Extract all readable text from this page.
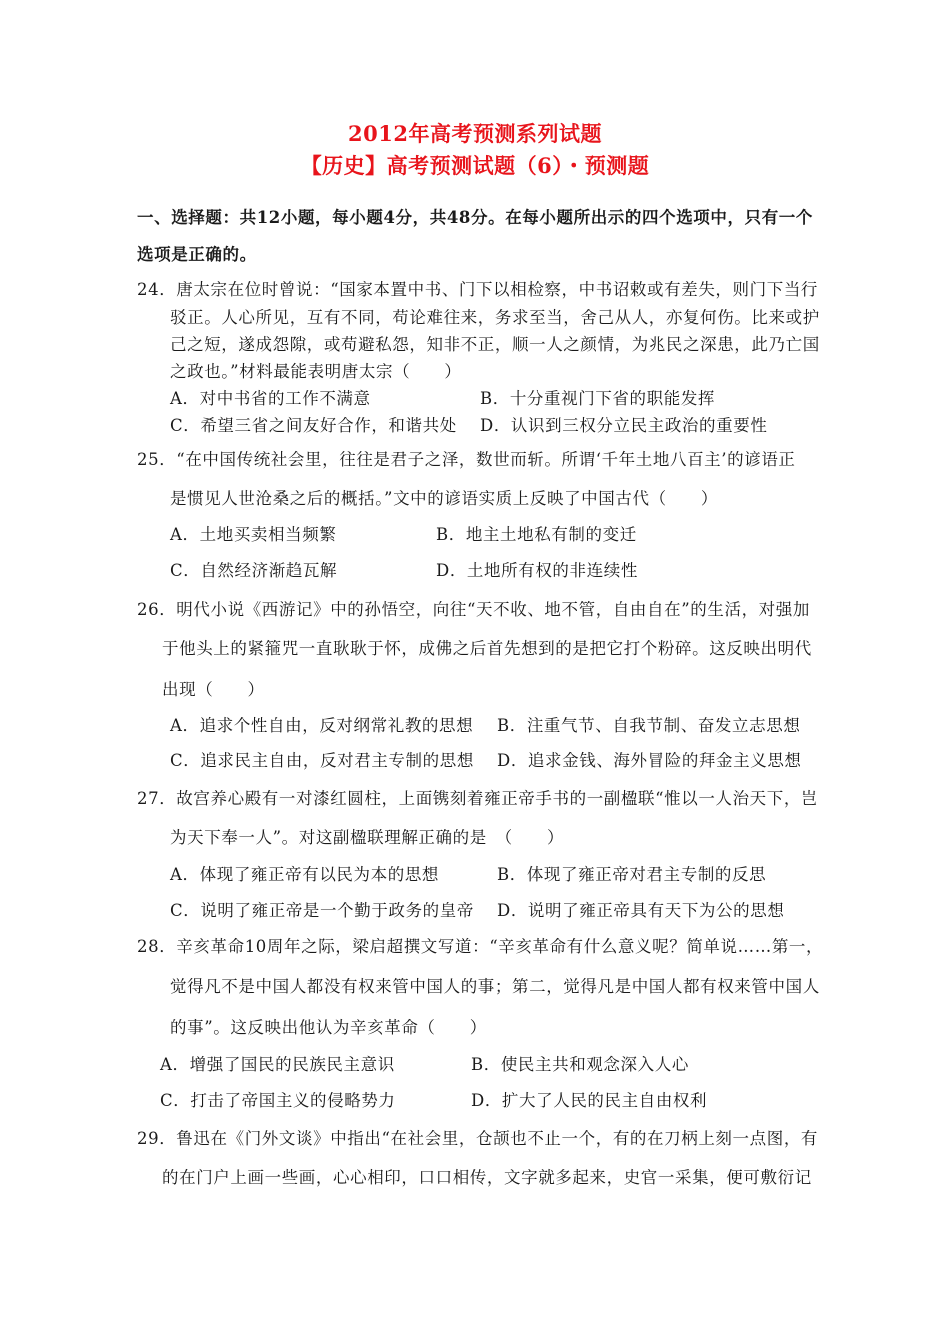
2012年高考预测系列试题
【历史】高考预测试题（6）・预测题
一、选择题：共12小题，每小题4分，共48分。在每小题所出示的四个选项中，只有一个
选项是正确的。
24．唐太宗在位时曾说：“国家本置中书、门下以相检察，中书诏敕或有差失，则门下当行
驳正。人心所见，互有不同，苟论难往来，务求至当，舍己从人，亦复何伤。比来或护
己之短，遂成怨隙，或苟避私怨，知非不正，顺一人之颜情，为兆民之深患，此乃亡国
之政也。”材料最能表明唐太宗（　　）
A．对中书省的工作不满意	B．十分重视门下省的职能发挥
C．希望三省之间友好合作，和谐共处 D．认识到三权分立民主政治的重要性
25．“在中国传统社会里，往往是君子之泽，数世而斩。所谓‘千年土地八百主’的谚语正
是惯见人世沧桑之后的概括。”文中的谚语实质上反映了中国古代（　　）
A．土地买卖相当频繁	B．地主土地私有制的变迁
C．自然经济渐趋瓦解	D．土地所有权的非连续性
26．明代小说《西游记》中的孙悟空，向往“天不收、地不管，自由自在”的生活，对强加
于他头上的紧箍咒一直耿耿于怀，成佛之后首先想到的是把它打个粉碎。这反映出明代
出现（　　）
A．追求个性自由，反对纲常礼教的思想 B．注重气节、自我节制、奋发立志思想
C．追求民主自由，反对君主专制的思想 D．追求金钱、海外冒险的拜金主义思想
27．故宫养心殿有一对漆红圆柱，上面镌刻着雍正帝手书的一副楹联“惟以一人治天下，岂
为天下奉一人”。对这副楹联理解正确的是　（　　）
A．体现了雍正帝有以民为本的思想	B．体现了雍正帝对君主专制的反思
C．说明了雍正帝是一个勤于政务的皇帝 D．说明了雍正帝具有天下为公的思想
28．辛亥革命10周年之际，梁启超撰文写道：“辛亥革命有什么意义呢？简单说……第一，
觉得凡不是中国人都没有权来管中国人的事；第二，觉得凡是中国人都有权来管中国人
的事”。这反映出他认为辛亥革命（　　）
A．增强了国民的民族民主意识	B．使民主共和观念深入人心
C．打击了帝国主义的侵略势力	D．扩大了人民的民主自由权利
29．鲁迅在《门外文谈》中指出“在社会里，仓颉也不止一个，有的在刀柄上刻一点图，有
的在门户上画一些画，心心相印，口口相传，文字就多起来，史官一采集，便可敷衍记
